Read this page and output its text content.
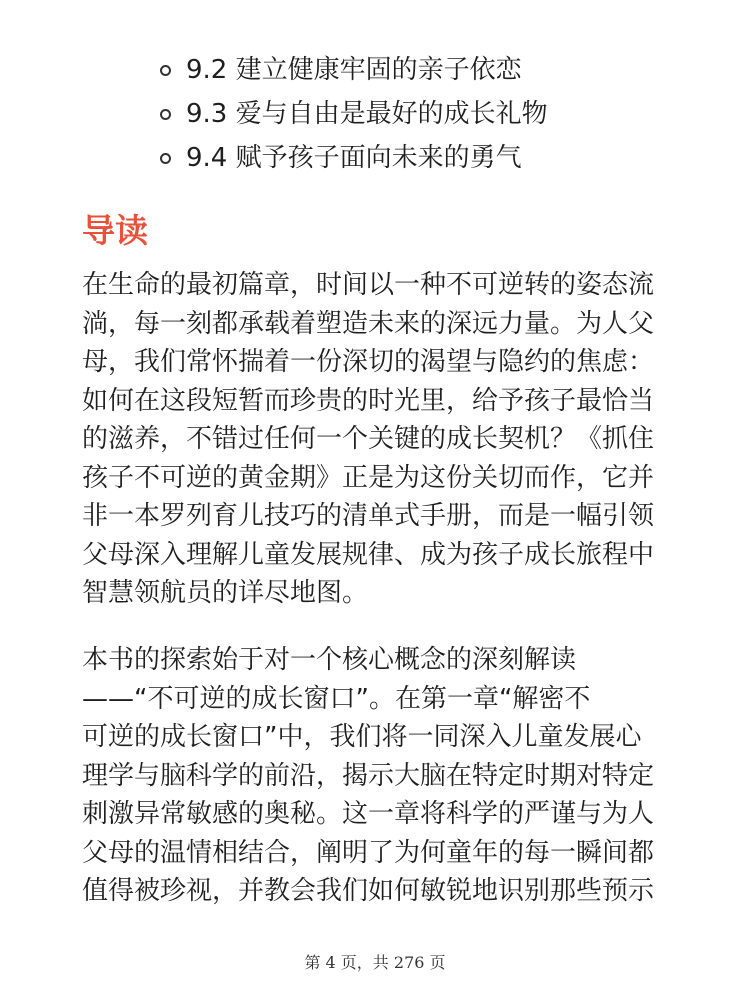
9.2 建立健康牢固的亲子依恋
9.3 爱与自由是最好的成长礼物
9.4 赋予孩子面向未来的勇气
导读

在生命的最初篇章，时间以一种不可逆转的姿态流
淌，每一刻都承载着塑造未来的深远力量。为人父
母，我们常怀揣着一份深切的渴望与隐约的焦虑：
如何在这段短暂而珍贵的时光里，给予孩子最恰当
的滋养，不错过任何一个关键的成长契机？《抓住
孩子不可逆的黄金期》正是为这份关切而作，它并
非一本罗列育儿技巧的清单式手册，而是一幅引领
父母深入理解儿童发展规律、成为孩子成长旅程中
智慧领航员的详尽地图。

本书的探索始于对一个核心概念的深刻解读
——“不可逆的成长窗口”。在第一章“解密不
可逆的成长窗口”中，我们将一同深入儿童发展心
理学与脑科学的前沿，揭示大脑在特定时期对特定
刺激异常敏感的奥秘。这一章将科学的严谨与为人
父母的温情相结合，阐明了为何童年的每一瞬间都
值得被珍视，并教会我们如何敏锐地识别那些预示

第 4 页，共 276 页
